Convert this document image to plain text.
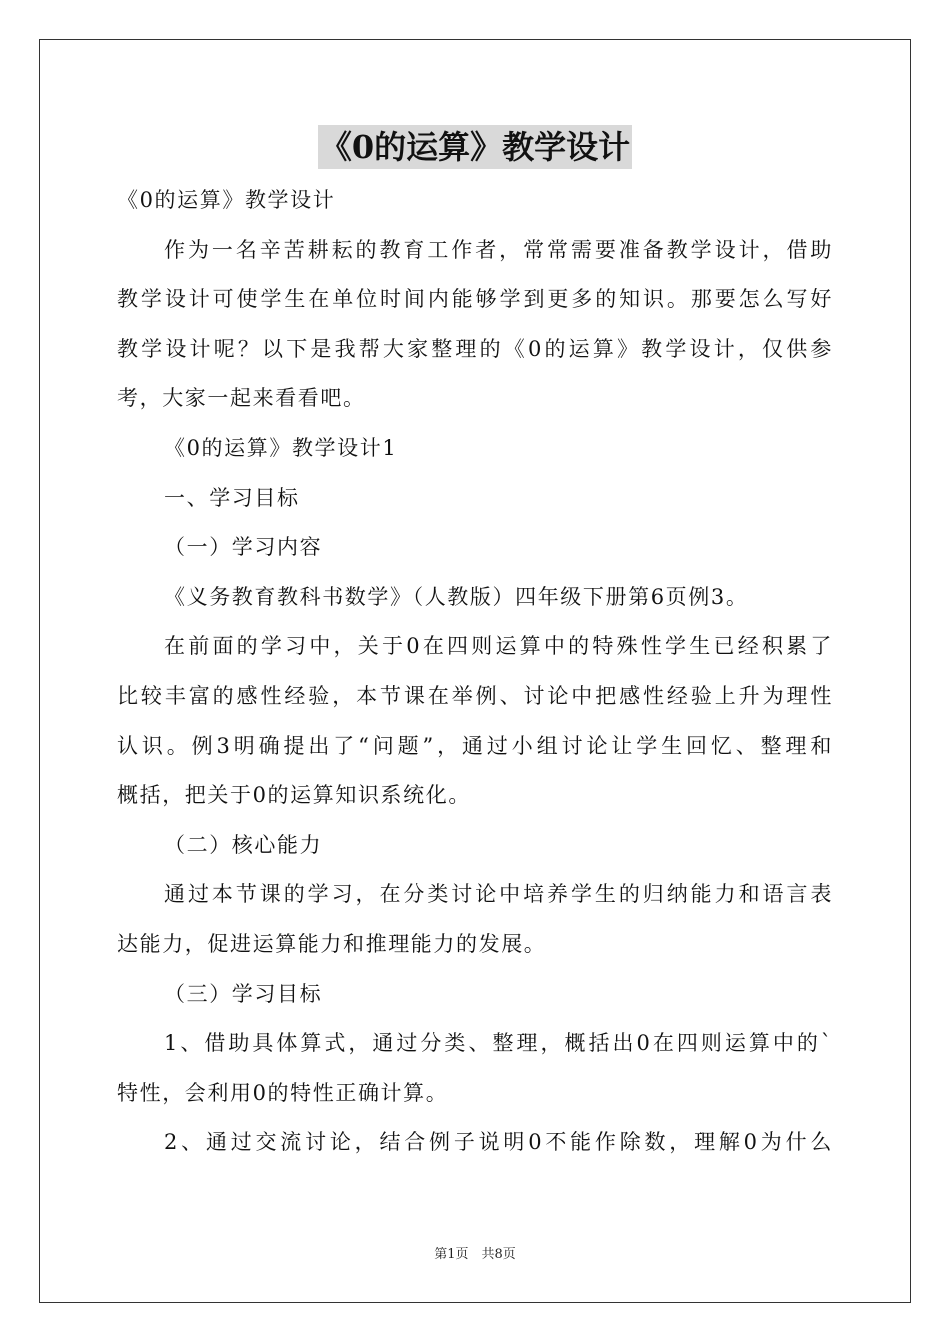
《0的运算》教学设计
《0的运算》教学设计
作为一名辛苦耕耘的教育工作者，常常需要准备教学设计，借助
教学设计可使学生在单位时间内能够学到更多的知识。那要怎么写好
教学设计呢？以下是我帮大家整理的《0的运算》教学设计，仅供参
考，大家一起来看看吧。
《0的运算》教学设计1
一、学习目标
（一）学习内容
《义务教育教科书数学》（人教版）四年级下册第6页例3。
在前面的学习中，关于0在四则运算中的特殊性学生已经积累了
比较丰富的感性经验，本节课在举例、讨论中把感性经验上升为理性
认识。例3明确提出了“问题”，通过小组讨论让学生回忆、整理和
概括，把关于0的运算知识系统化。
（二）核心能力
通过本节课的学习，在分类讨论中培养学生的归纳能力和语言表
达能力，促进运算能力和推理能力的发展。
（三）学习目标
1、借助具体算式，通过分类、整理，概括出0在四则运算中的`
特性，会利用0的特性正确计算。
2、通过交流讨论，结合例子说明0不能作除数，理解0为什么
第1页　共8页
